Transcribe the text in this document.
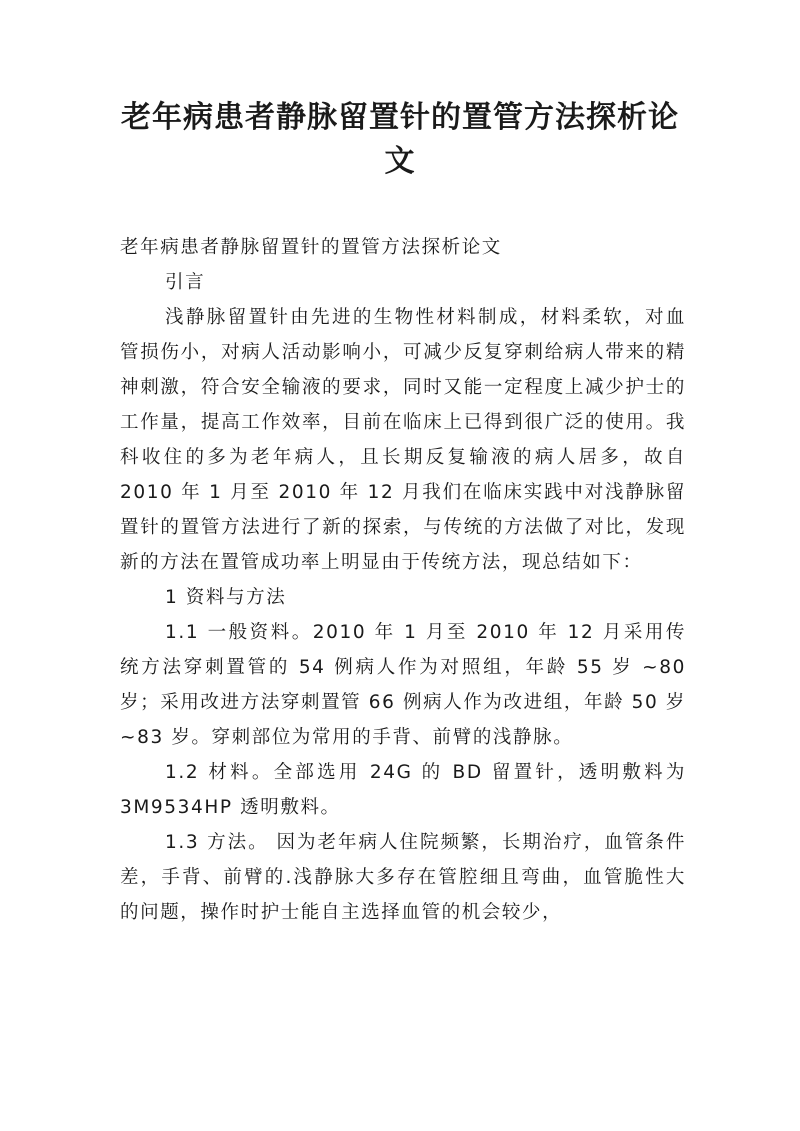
老年病患者静脉留置针的置管方法探析论文

老年病患者静脉留置针的置管方法探析论文

引言

浅静脉留置针由先进的生物性材料制成，材料柔软，对血管损伤小，对病人活动影响小，可减少反复穿刺给病人带来的精神刺激，符合安全输液的要求，同时又能一定程度上减少护士的工作量，提高工作效率，目前在临床上已得到很广泛的使用。我科收住的多为老年病人，且长期反复输液的病人居多，故自 2010 年 1 月至 2010 年 12 月我们在临床实践中对浅静脉留置针的置管方法进行了新的探索，与传统的方法做了对比，发现新的方法在置管成功率上明显由于传统方法，现总结如下：

1 资料与方法

1.1 一般资料。2010 年 1 月至 2010 年 12 月采用传统方法穿刺置管的 54 例病人作为对照组，年龄 55 岁 ~80 岁；采用改进方法穿刺置管 66 例病人作为改进组，年龄 50 岁 ~83 岁。穿刺部位为常用的手背、前臂的浅静脉。

1.2 材料。全部选用 24G 的 BD 留置针，透明敷料为 3M9534HP 透明敷料。

1.3 方法。 因为老年病人住院频繁，长期治疗，血管条件差，手背、前臂的.浅静脉大多存在管腔细且弯曲，血管脆性大的问题，操作时护士能自主选择血管的机会较少，
